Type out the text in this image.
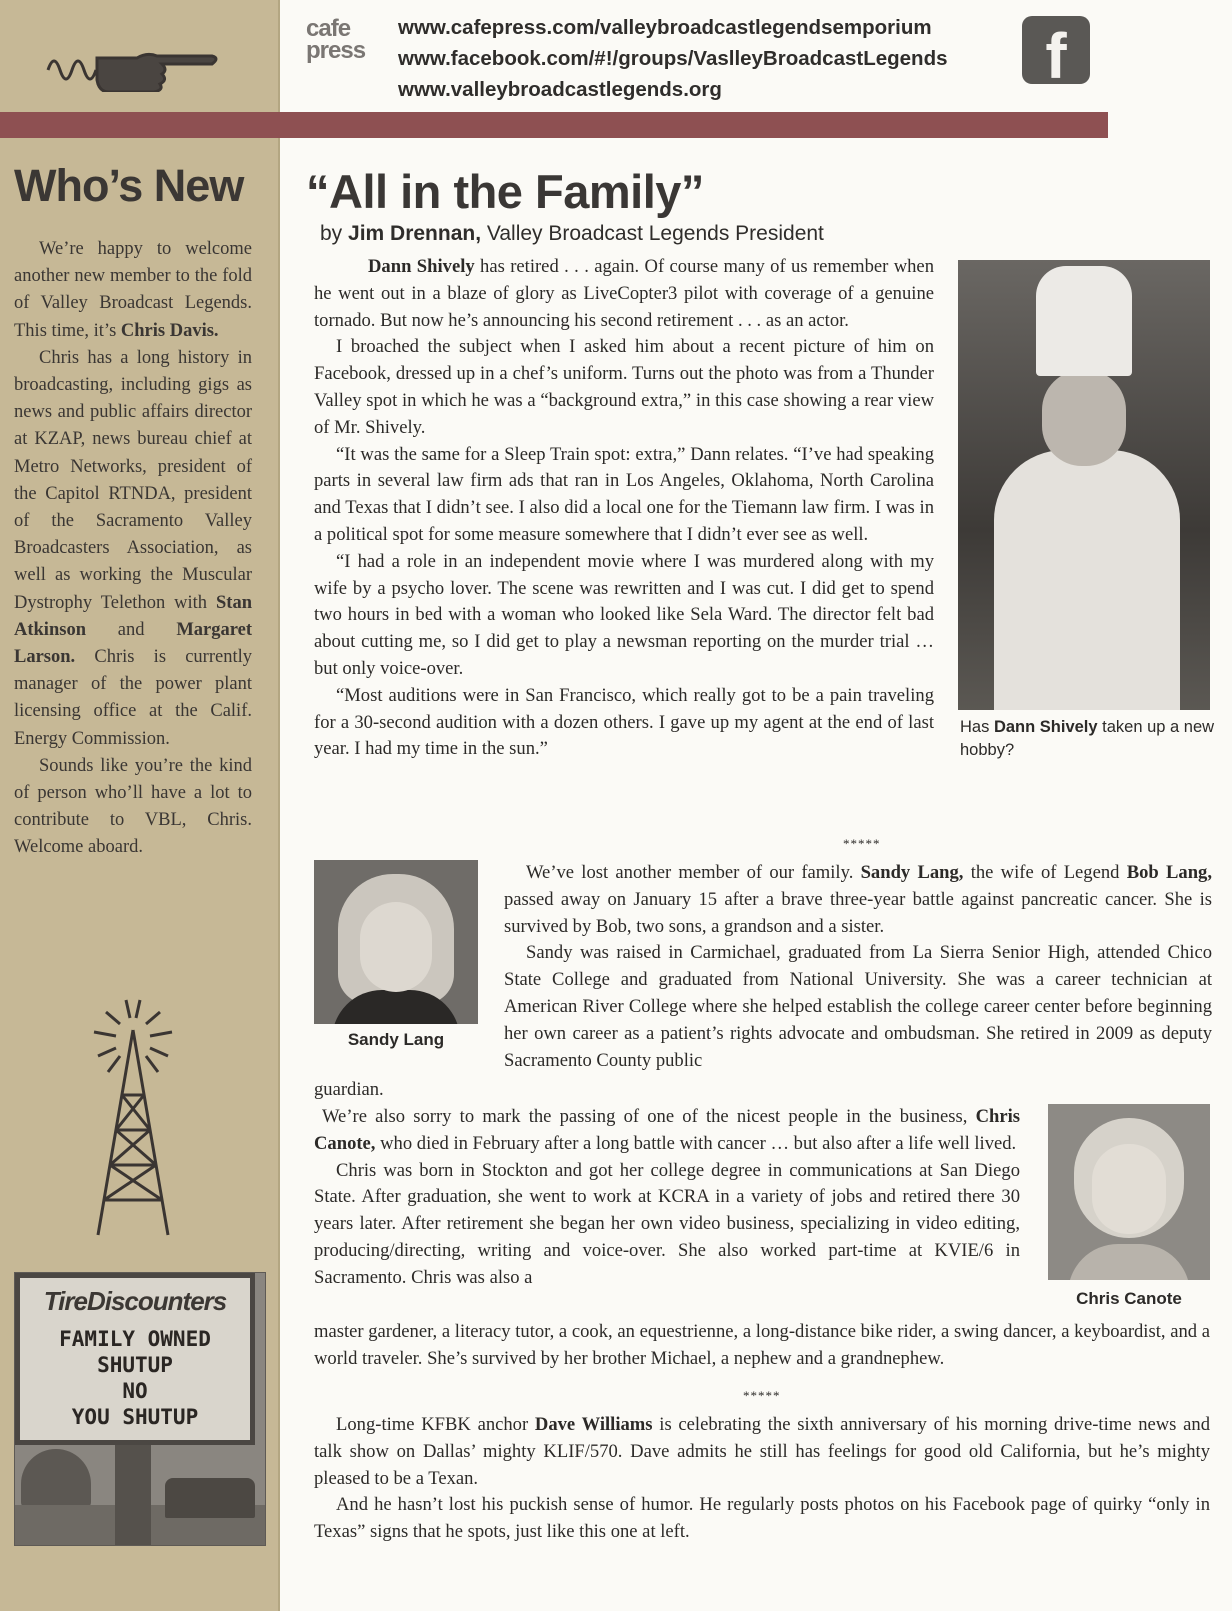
Who’s New

We’re happy to welcome another new member to the fold of Valley Broadcast Legends. This time, it’s Chris Davis.

Chris has a long history in broadcasting, including gigs as news and public affairs director at KZAP, news bureau chief at Metro Networks, president of the Capitol RTNDA, president of the Sacramento Valley Broadcasters Association, as well as working the Muscular Dystrophy Telethon with Stan Atkinson and Margaret Larson. Chris is currently manager of the power plant licensing office at the Calif. Energy Commission.

Sounds like you’re the kind of person who’ll have a lot to contribute to VBL, Chris. Welcome aboard.

TireDiscounters
FAMILY OWNED
SHUTUP
NO
YOU SHUTUP
cafe
press
www.cafepress.com/valleybroadcastlegendsemporium
www.facebook.com/#!/groups/VaslleyBroadcastLegends
www.valleybroadcastlegends.org	f
“All in the Family”
by Jim Drennan, Valley Broadcast Legends President

Dann Shively has retired . . . again. Of course many of us remember when he went out in a blaze of glory as LiveCopter3 pilot with coverage of a genuine tornado. But now he’s announcing his second retirement . . . as an actor.

I broached the subject when I asked him about a recent picture of him on Facebook, dressed up in a chef’s uniform. Turns out the photo was from a Thunder Valley spot in which he was a “background extra,” in this case showing a rear view of Mr. Shively.

“It was the same for a Sleep Train spot: extra,” Dann relates. “I’ve had speaking parts in several law firm ads that ran in Los Angeles, Oklahoma, North Carolina and Texas that I didn’t see. I also did a local one for the Tiemann law firm. I was in a political spot for some measure somewhere that I didn’t ever see as well.

“I had a role in an independent movie where I was murdered along with my wife by a psycho lover. The scene was rewritten and I was cut. I did get to spend two hours in bed with a woman who looked like Sela Ward. The director felt bad about cutting me, so I did get to play a newsman reporting on the murder trial … but only voice-over.

“Most auditions were in San Francisco, which really got to be a pain traveling for a 30-second audition with a dozen others. I gave up my agent at the end of last year. I had my time in the sun.”

Has Dann Shively taken up a new hobby?
*****
Sandy Lang

We’ve lost another member of our family. Sandy Lang, the wife of Legend Bob Lang, passed away on January 15 after a brave three-year battle against pancreatic cancer. She is survived by Bob, two sons, a grandson and a sister.

Sandy was raised in Carmichael, graduated from La Sierra Senior High, attended Chico State College and graduated from National University. She was a career technician at American River College where she helped establish the college career center before beginning her own career as a patient’s rights advocate and ombudsman. She retired in 2009 as deputy Sacramento County public

guardian.

We’re also sorry to mark the passing of one of the nicest people in the business, Chris Canote, who died in February after a long battle with cancer … but also after a life well lived.

Chris was born in Stockton and got her college degree in communications at San Diego State. After graduation, she went to work at KCRA in a variety of jobs and retired there 30 years later. After retirement she began her own video business, specializing in video editing, producing/directing, writing and voice-over. She also worked part-time at KVIE/6 in Sacramento. Chris was also a

Chris Canote
master gardener, a literacy tutor, a cook, an equestrienne, a long-distance bike rider, a swing dancer, a keyboardist, and a world traveler. She’s survived by her brother Michael, a nephew and a grandnephew.
*****

Long-time KFBK anchor Dave Williams is celebrating the sixth anniversary of his morning drive-time news and talk show on Dallas’ mighty KLIF/570. Dave admits he still has feelings for good old California, but he’s mighty pleased to be a Texan.

And he hasn’t lost his puckish sense of humor. He regularly posts photos on his Facebook page of quirky “only in Texas” signs that he spots, just like this one at left.
